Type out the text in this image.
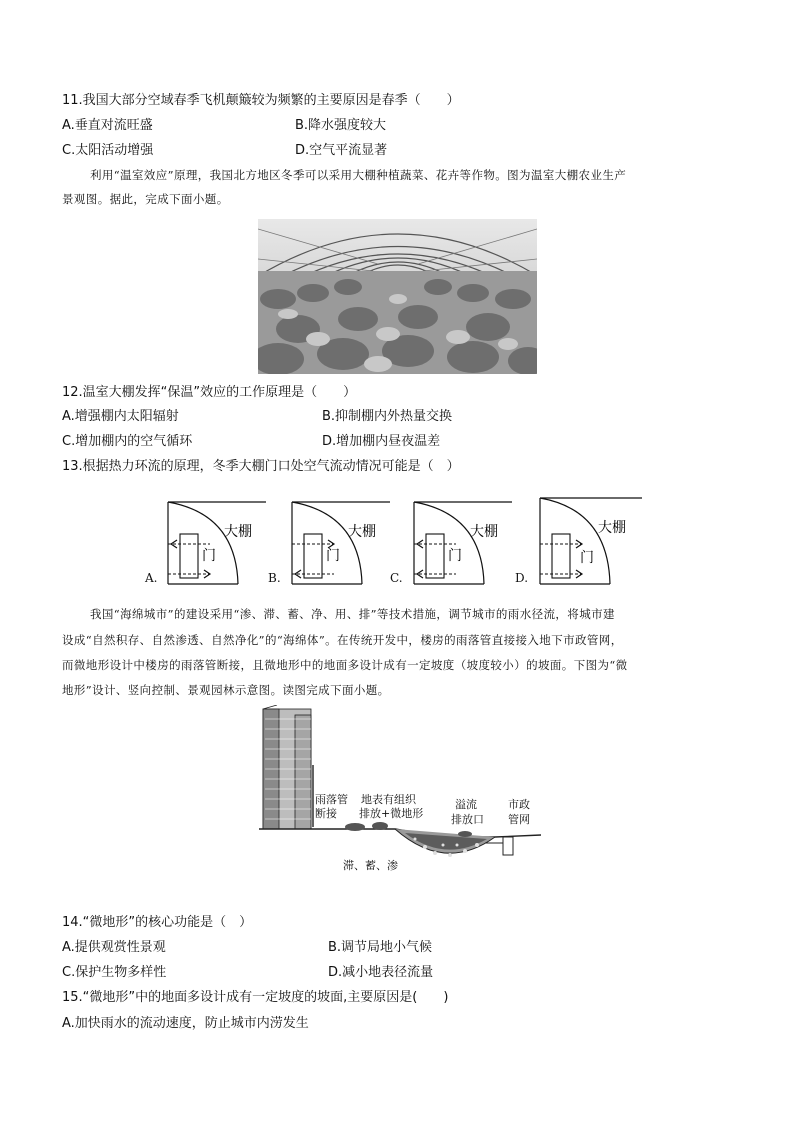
11.我国大部分空域春季飞机颠簸较为频繁的主要原因是春季（　　）
A.垂直对流旺盛	B.降水强度较大
C.太阳活动增强	D.空气平流显著
利用“温室效应”原理，我国北方地区冬季可以采用大棚种植蔬菜、花卉等作物。图为温室大棚农业生产
景观图。据此，完成下面小题。
12.温室大棚发挥“保温”效应的工作原理是（　　）
A.增强棚内太阳辐射	B.抑制棚内外热量交换
C.增加棚内的空气循环	D.增加棚内昼夜温差
13.根据热力环流的原理，冬季大棚门口处空气流动情况可能是（　）
大棚
门
大棚
门
大棚
门
大棚
门
A.	B.	C.	D.
我国“海绵城市”的建设采用“渗、滞、蓄、净、用、排”等技术措施，调节城市的雨水径流，将城市建
设成“自然积存、自然渗透、自然净化”的“海绵体”。在传统开发中，楼房的雨落管直接接入地下市政管网，
而微地形设计中楼房的雨落管断接，且微地形中的地面多设计成有一定坡度（坡度较小）的坡面。下图为“微
地形”设计、竖向控制、景观园林示意图。读图完成下面小题。
雨落管
断接
地表有组织
排放+微地形
溢流
排放口
市政
管网
滞、蓄、渗
14.“微地形”的核心功能是（　）
A.提供观赏性景观	B.调节局地小气候
C.保护生物多样性	D.减小地表径流量
15.“微地形”中的地面多设计成有一定坡度的坡面,主要原因是(　　)
A.加快雨水的流动速度，防止城市内涝发生
